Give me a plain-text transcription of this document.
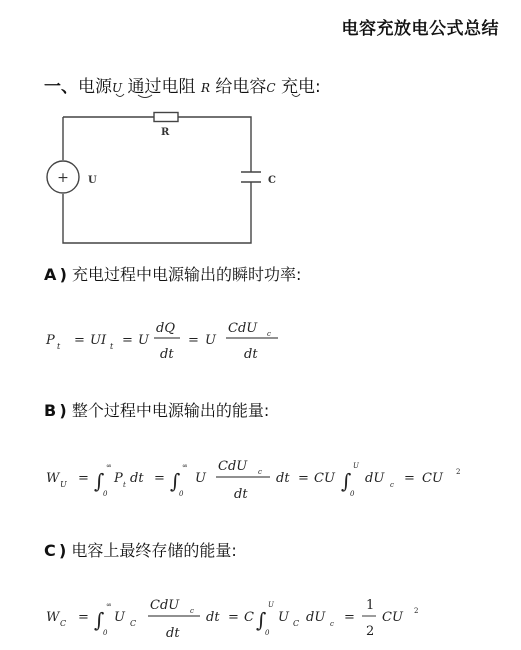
电容充放电公式总结
一、电源U 通过电阻 R 给电容C 充电:
+
R
U	C
A ) 充电过程中电源输出的瞬时功率:
P t = UI t = U
dQ
dt
= U
CdU c
dt
B ) 整个过程中电源输出的能量:
W U = ∫
∞
0
P t dt = ∫
∞
0
U
CdU c
dt
dt = CU ∫
U
0
dU c = CU 2
C ) 电容上最终存储的能量:
W C = ∫
∞
0
U C
CdU c
dt
dt = C ∫
U
0
U C dU c =
1
2
CU 2
